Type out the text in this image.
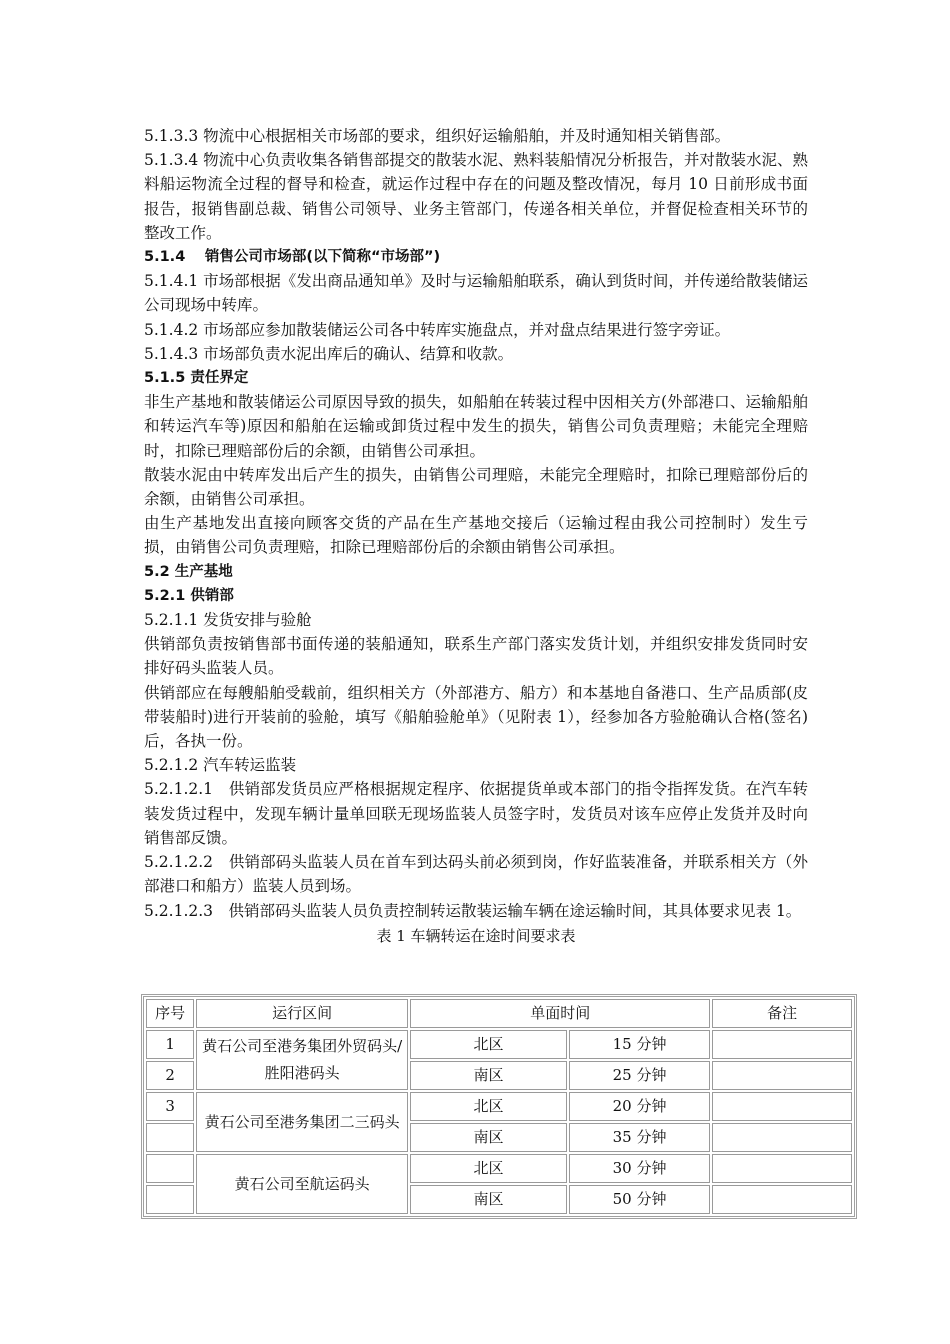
5.1.3.3 物流中心根据相关市场部的要求，组织好运输船舶，并及时通知相关销售部。

5.1.3.4 物流中心负责收集各销售部提交的散装水泥、熟料装船情况分析报告，并对散装水泥、熟料船运物流全过程的督导和检查，就运作过程中存在的问题及整改情况，每月 10 日前形成书面报告，报销售副总裁、销售公司领导、业务主管部门，传递各相关单位，并督促检查相关环节的整改工作。

5.1.4　 销售公司市场部(以下简称“市场部”)

5.1.4.1 市场部根据《发出商品通知单》及时与运输船舶联系，确认到货时间，并传递给散装储运公司现场中转库。

5.1.4.2 市场部应参加散装储运公司各中转库实施盘点，并对盘点结果进行签字旁证。

5.1.4.3 市场部负责水泥出库后的确认、结算和收款。

5.1.5 责任界定

非生产基地和散装储运公司原因导致的损失，如船舶在转装过程中因相关方(外部港口、运输船舶和转运汽车等)原因和船舶在运输或卸货过程中发生的损失，销售公司负责理赔；未能完全理赔时，扣除已理赔部份后的余额，由销售公司承担。

散装水泥由中转库发出后产生的损失，由销售公司理赔，未能完全理赔时，扣除已理赔部份后的余额，由销售公司承担。

由生产基地发出直接向顾客交货的产品在生产基地交接后（运输过程由我公司控制时）发生亏损，由销售公司负责理赔，扣除已理赔部份后的余额由销售公司承担。

5.2 生产基地

5.2.1 供销部

5.2.1.1 发货安排与验舱

供销部负责按销售部书面传递的装船通知，联系生产部门落实发货计划，并组织安排发货同时安排好码头监装人员。

供销部应在每艘船舶受载前，组织相关方（外部港方、船方）和本基地自备港口、生产品质部(皮带装船时)进行开装前的验舱，填写《船舶验舱单》（见附表 1），经参加各方验舱确认合格(签名)后，各执一份。

5.2.1.2 汽车转运监装

5.2.1.2.1　供销部发货员应严格根据规定程序、依据提货单或本部门的指令指挥发货。在汽车转装发货过程中，发现车辆计量单回联无现场监装人员签字时，发货员对该车应停止发货并及时向销售部反馈。

5.2.1.2.2　供销部码头监装人员在首车到达码头前必须到岗，作好监装准备，并联系相关方（外部港口和船方）监装人员到场。

5.2.1.2.3　供销部码头监装人员负责控制转运散装运输车辆在途运输时间，其具体要求见表 1。

表 1 车辆转运在途时间要求表

序号	运行区间	单面时间		备注
1	黄石公司至港务集团外贸码头/胜阳港码头	北区	15 分钟	
2		南区	25 分钟	
3	黄石公司至港务集团二三码头	北区	20 分钟	
		南区	35 分钟	
	黄石公司至航运码头	北区	30 分钟	
		南区	50 分钟	
